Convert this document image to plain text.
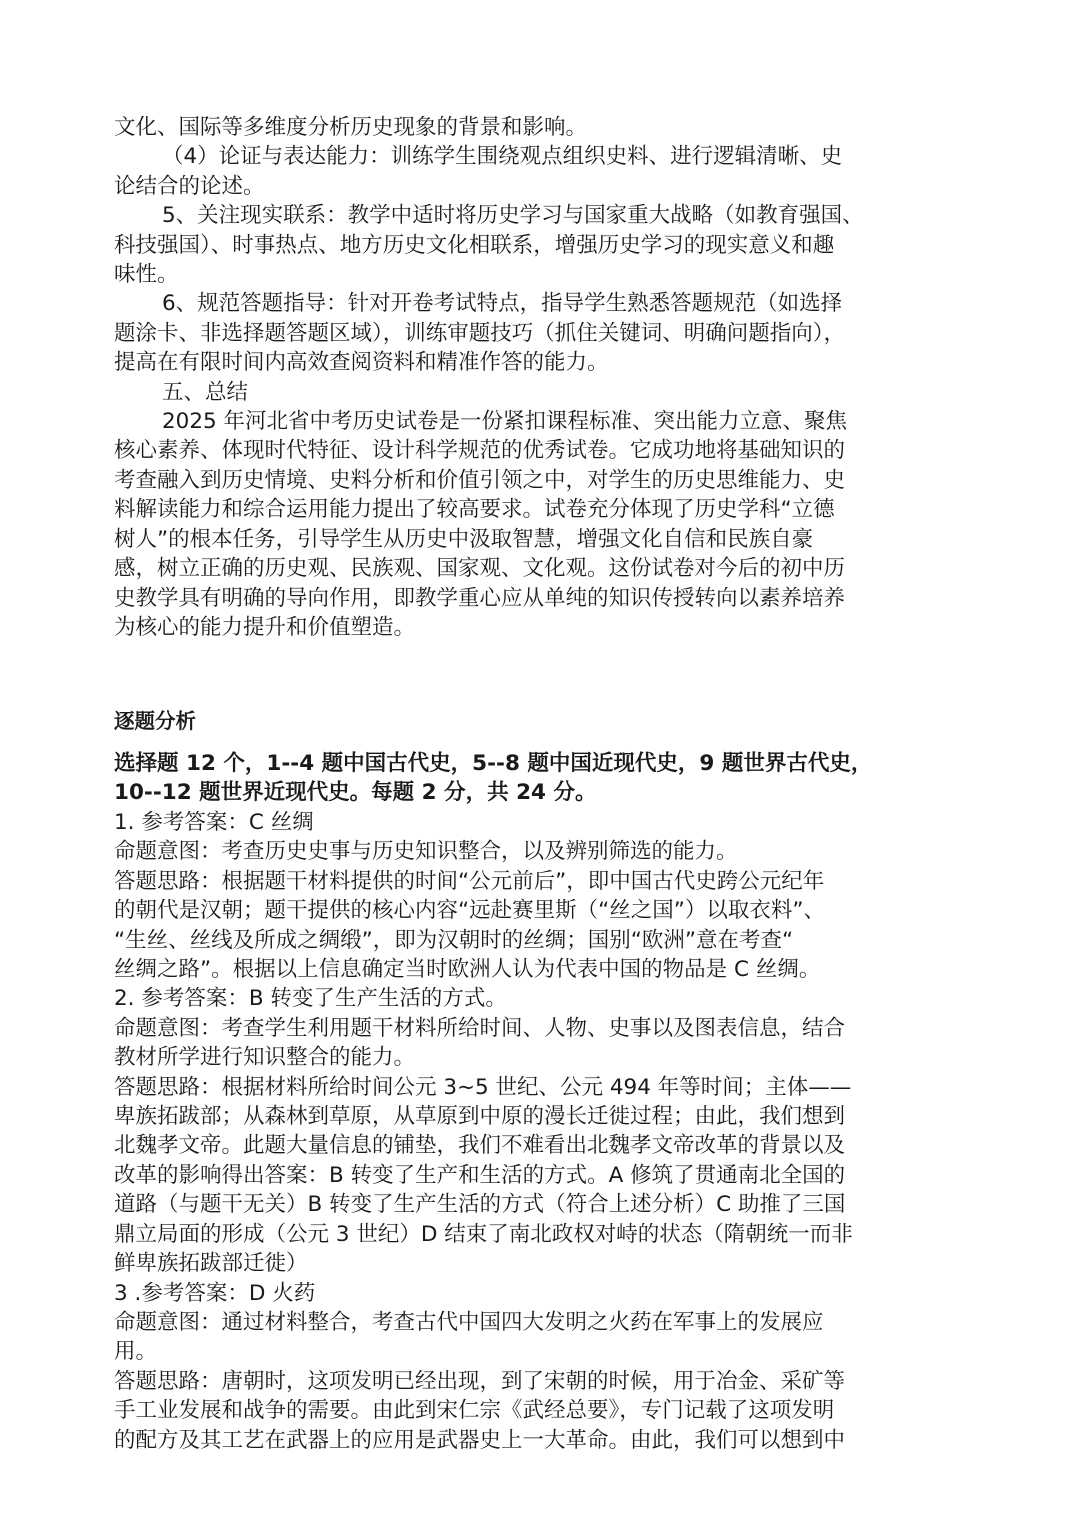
文化、国际等多维度分析历史现象的背景和影响。

（4）论证与表达能力：训练学生围绕观点组织史料、进行逻辑清晰、史

论结合的论述。

5、关注现实联系：教学中适时将历史学习与国家重大战略（如教育强国、

科技强国）、时事热点、地方历史文化相联系，增强历史学习的现实意义和趣

味性。

6、规范答题指导：针对开卷考试特点，指导学生熟悉答题规范（如选择

题涂卡、非选择题答题区域），训练审题技巧（抓住关键词、明确问题指向），

提高在有限时间内高效查阅资料和精准作答的能力。

五、总结

2025 年河北省中考历史试卷是一份紧扣课程标准、突出能力立意、聚焦

核心素养、体现时代特征、设计科学规范的优秀试卷。它成功地将基础知识的

考查融入到历史情境、史料分析和价值引领之中，对学生的历史思维能力、史

料解读能力和综合运用能力提出了较高要求。试卷充分体现了历史学科“立德

树人”的根本任务，引导学生从历史中汲取智慧，增强文化自信和民族自豪

感，树立正确的历史观、民族观、国家观、文化观。这份试卷对今后的初中历

史教学具有明确的导向作用，即教学重心应从单纯的知识传授转向以素养培养

为核心的能力提升和价值塑造。

逐题分析

选择题 12 个，1--4 题中国古代史，5--8 题中国近现代史，9 题世界古代史，

10--12 题世界近现代史。每题 2 分，共 24 分。

1. 参考答案：C 丝绸

命题意图：考查历史史事与历史知识整合，以及辨别筛选的能力。

答题思路：根据题干材料提供的时间“公元前后”，即中国古代史跨公元纪年

的朝代是汉朝；题干提供的核心内容“远赴赛里斯（“丝之国”）以取衣料”、

“生丝、丝线及所成之绸缎”，即为汉朝时的丝绸；国别“欧洲”意在考查“

丝绸之路”。根据以上信息确定当时欧洲人认为代表中国的物品是 C 丝绸。

2. 参考答案：B 转变了生产生活的方式。

命题意图：考查学生利用题干材料所给时间、人物、史事以及图表信息，结合

教材所学进行知识整合的能力。

答题思路：根据材料所给时间公元 3~5 世纪、公元 494 年等时间；主体——

卑族拓跋部；从森林到草原，从草原到中原的漫长迁徙过程；由此，我们想到

北魏孝文帝。此题大量信息的铺垫，我们不难看出北魏孝文帝改革的背景以及

改革的影响得出答案：B 转变了生产和生活的方式。A 修筑了贯通南北全国的

道路（与题干无关）B 转变了生产生活的方式（符合上述分析）C 助推了三国

鼎立局面的形成（公元 3 世纪）D 结束了南北政权对峙的状态（隋朝统一而非

鲜卑族拓跋部迁徙）

3 .参考答案：D 火药

命题意图：通过材料整合，考查古代中国四大发明之火药在军事上的发展应

用。

答题思路：唐朝时，这项发明已经出现，到了宋朝的时候，用于冶金、采矿等

手工业发展和战争的需要。由此到宋仁宗《武经总要》，专门记载了这项发明

的配方及其工艺在武器上的应用是武器史上一大革命。由此，我们可以想到中
